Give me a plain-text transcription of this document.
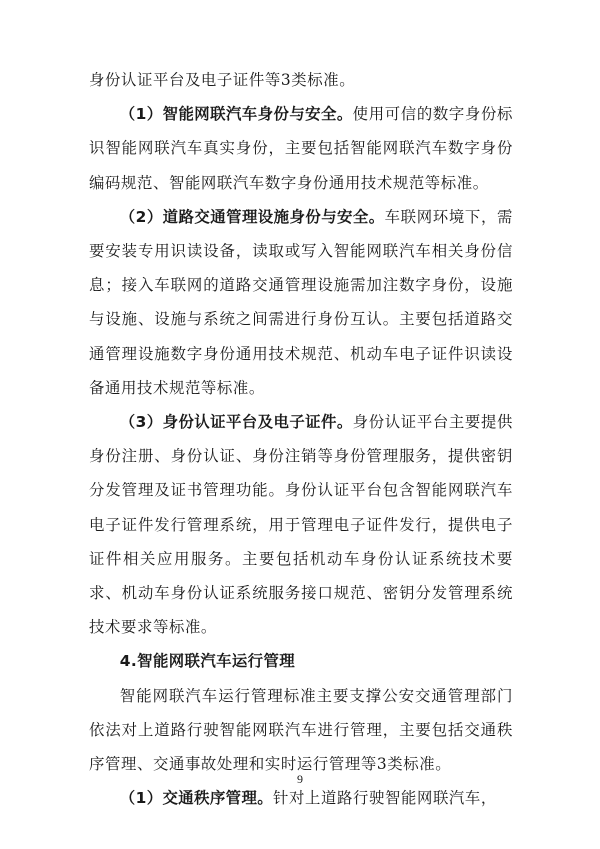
身份认证平台及电子证件等3类标准。

（1）智能网联汽车身份与安全。使用可信的数字身份标识智能网联汽车真实身份，主要包括智能网联汽车数字身份编码规范、智能网联汽车数字身份通用技术规范等标准。

（2）道路交通管理设施身份与安全。车联网环境下，需要安装专用识读设备，读取或写入智能网联汽车相关身份信息；接入车联网的道路交通管理设施需加注数字身份，设施与设施、设施与系统之间需进行身份互认。主要包括道路交通管理设施数字身份通用技术规范、机动车电子证件识读设备通用技术规范等标准。

（3）身份认证平台及电子证件。身份认证平台主要提供身份注册、身份认证、身份注销等身份管理服务，提供密钥分发管理及证书管理功能。身份认证平台包含智能网联汽车电子证件发行管理系统，用于管理电子证件发行，提供电子证件相关应用服务。主要包括机动车身份认证系统技术要求、机动车身份认证系统服务接口规范、密钥分发管理系统技术要求等标准。

4.智能网联汽车运行管理

智能网联汽车运行管理标准主要支撑公安交通管理部门依法对上道路行驶智能网联汽车进行管理，主要包括交通秩序管理、交通事故处理和实时运行管理等3类标准。

（1）交通秩序管理。针对上道路行驶智能网联汽车，

9
